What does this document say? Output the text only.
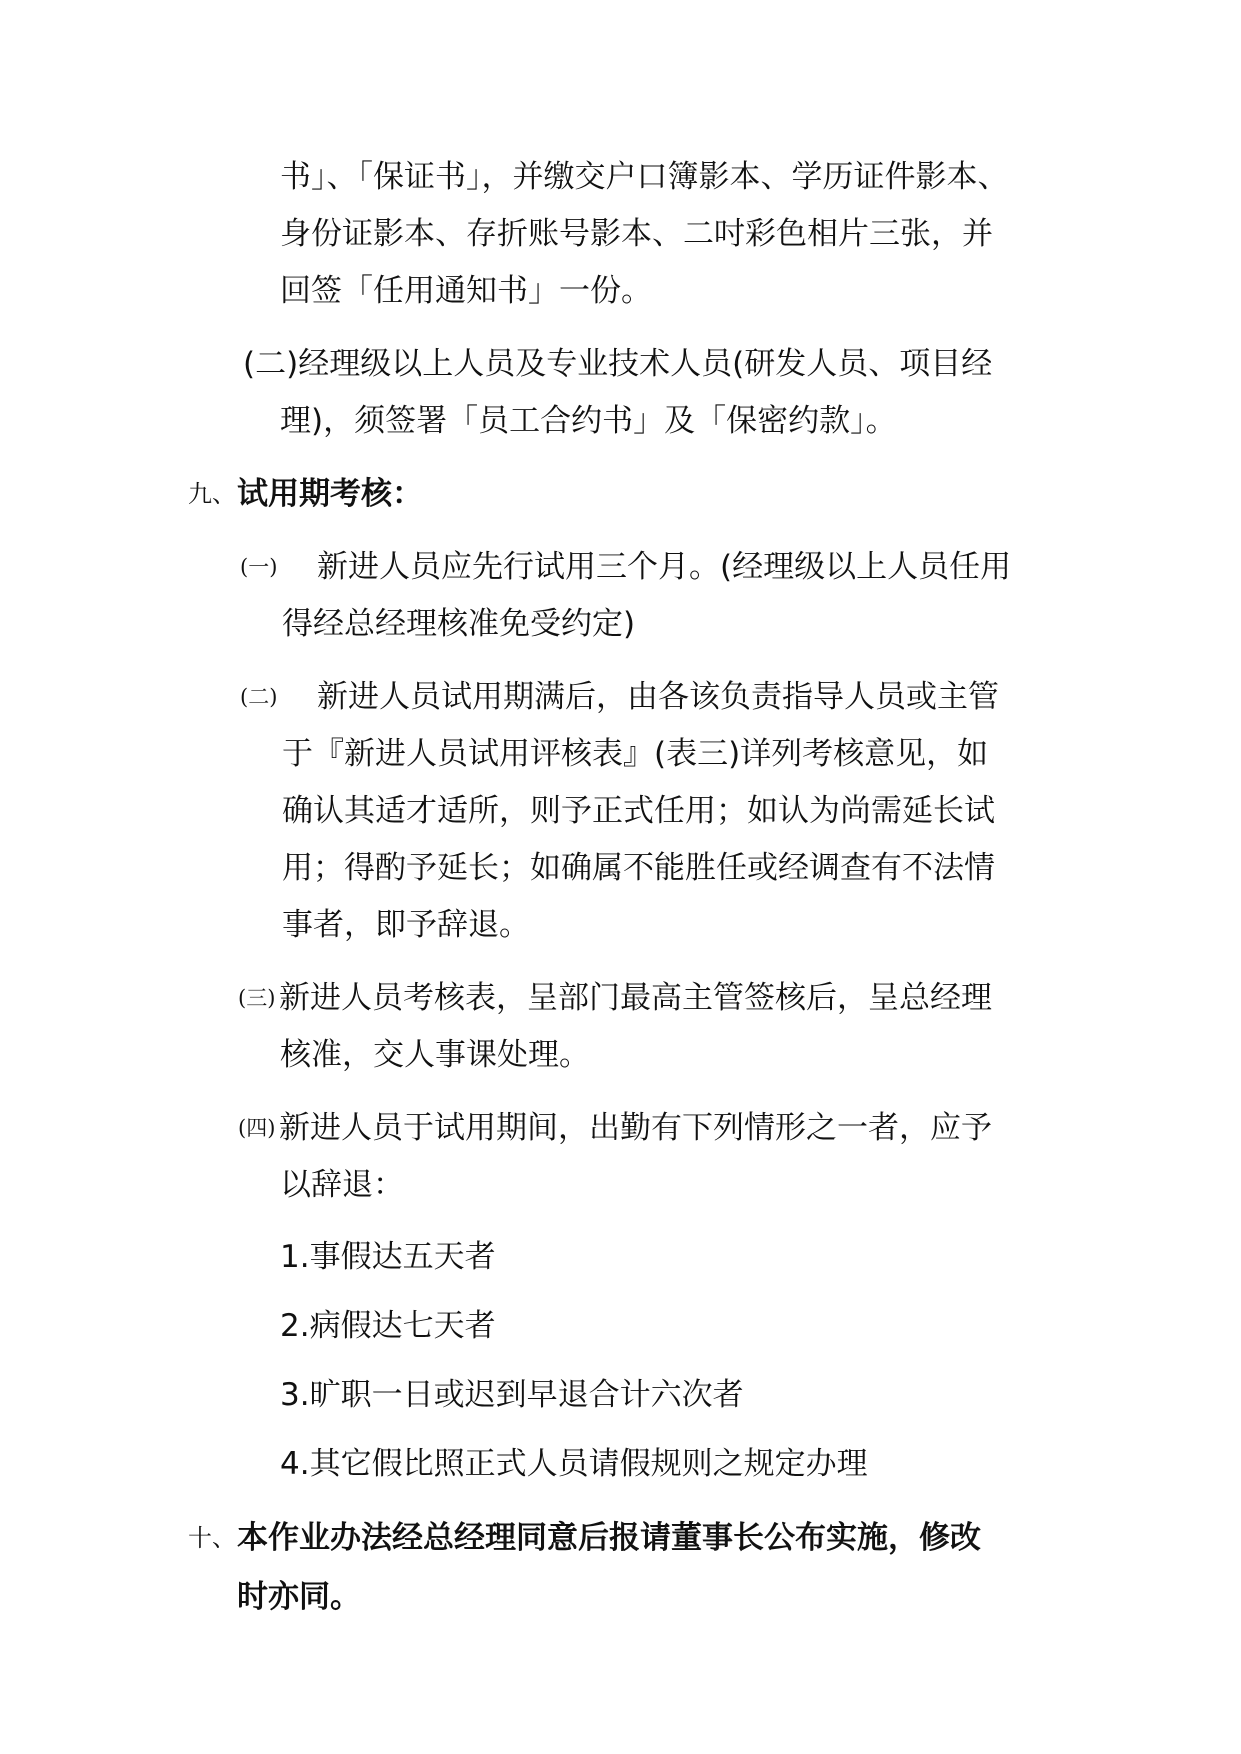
书」、「保证书」，并缴交户口簿影本、学历证件影本、
身份证影本、存折账号影本、二吋彩色相片三张，并
回签「任用通知书」一份。
(二)经理级以上人员及专业技术人员(研发人员、项目经
理)，须签署「员工合约书」及「保密约款」。
九、 试用期考核：
(一) 新进人员应先行试用三个月。(经理级以上人员任用
得经总经理核准免受约定)
(二) 新进人员试用期满后，由各该负责指导人员或主管
于『新进人员试用评核表』(表三)详列考核意见，如
确认其适才适所，则予正式任用；如认为尚需延长试
用；得酌予延长；如确属不能胜任或经调查有不法情
事者，即予辞退。
(三) 新进人员考核表，呈部门最高主管签核后，呈总经理
核准，交人事课处理。
(四) 新进人员于试用期间，出勤有下列情形之一者，应予
以辞退：
1.事假达五天者
2.病假达七天者
3.旷职一日或迟到早退合计六次者
4.其它假比照正式人员请假规则之规定办理
十、 本作业办法经总经理同意后报请董事长公布实施，修改
时亦同。
